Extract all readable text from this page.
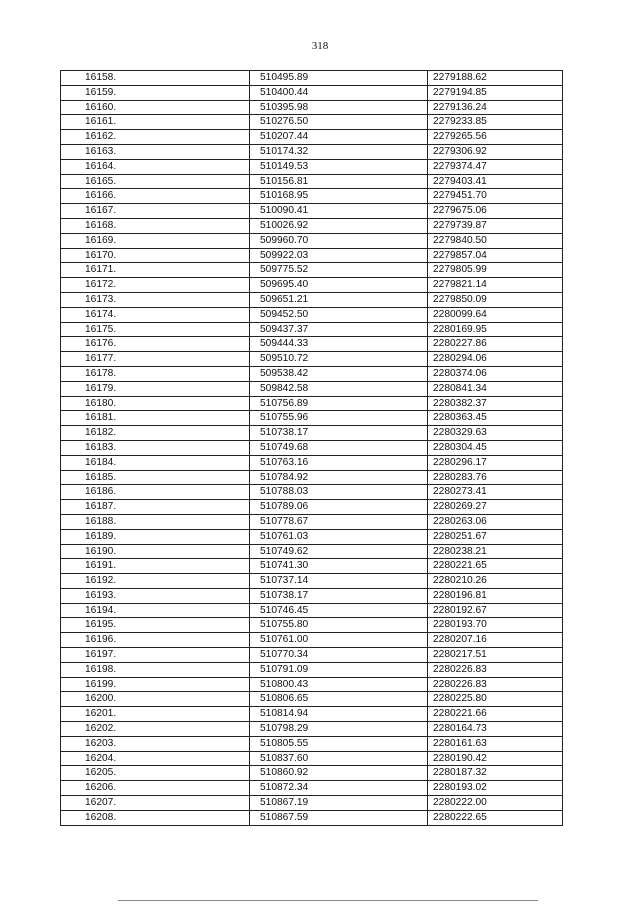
318
16158.	510495.89	2279188.62
16159.	510400.44	2279194.85
16160.	510395.98	2279136.24
16161.	510276.50	2279233.85
16162.	510207.44	2279265.56
16163.	510174.32	2279306.92
16164.	510149.53	2279374.47
16165.	510156.81	2279403.41
16166.	510168.95	2279451.70
16167.	510090.41	2279675.06
16168.	510026.92	2279739.87
16169.	509960.70	2279840.50
16170.	509922.03	2279857.04
16171.	509775.52	2279805.99
16172.	509695.40	2279821.14
16173.	509651.21	2279850.09
16174.	509452.50	2280099.64
16175.	509437.37	2280169.95
16176.	509444.33	2280227.86
16177.	509510.72	2280294.06
16178.	509538.42	2280374.06
16179.	509842.58	2280841.34
16180.	510756.89	2280382.37
16181.	510755.96	2280363.45
16182.	510738.17	2280329.63
16183.	510749.68	2280304.45
16184.	510763.16	2280296.17
16185.	510784.92	2280283.76
16186.	510788.03	2280273.41
16187.	510789.06	2280269.27
16188.	510778.67	2280263.06
16189.	510761.03	2280251.67
16190.	510749.62	2280238.21
16191.	510741.30	2280221.65
16192.	510737.14	2280210.26
16193.	510738.17	2280196.81
16194.	510746.45	2280192.67
16195.	510755.80	2280193.70
16196.	510761.00	2280207.16
16197.	510770.34	2280217.51
16198.	510791.09	2280226.83
16199.	510800.43	2280226.83
16200.	510806.65	2280225.80
16201.	510814.94	2280221.66
16202.	510798.29	2280164.73
16203.	510805.55	2280161.63
16204.	510837.60	2280190.42
16205.	510860.92	2280187.32
16206.	510872.34	2280193.02
16207.	510867.19	2280222.00
16208.	510867.59	2280222.65
